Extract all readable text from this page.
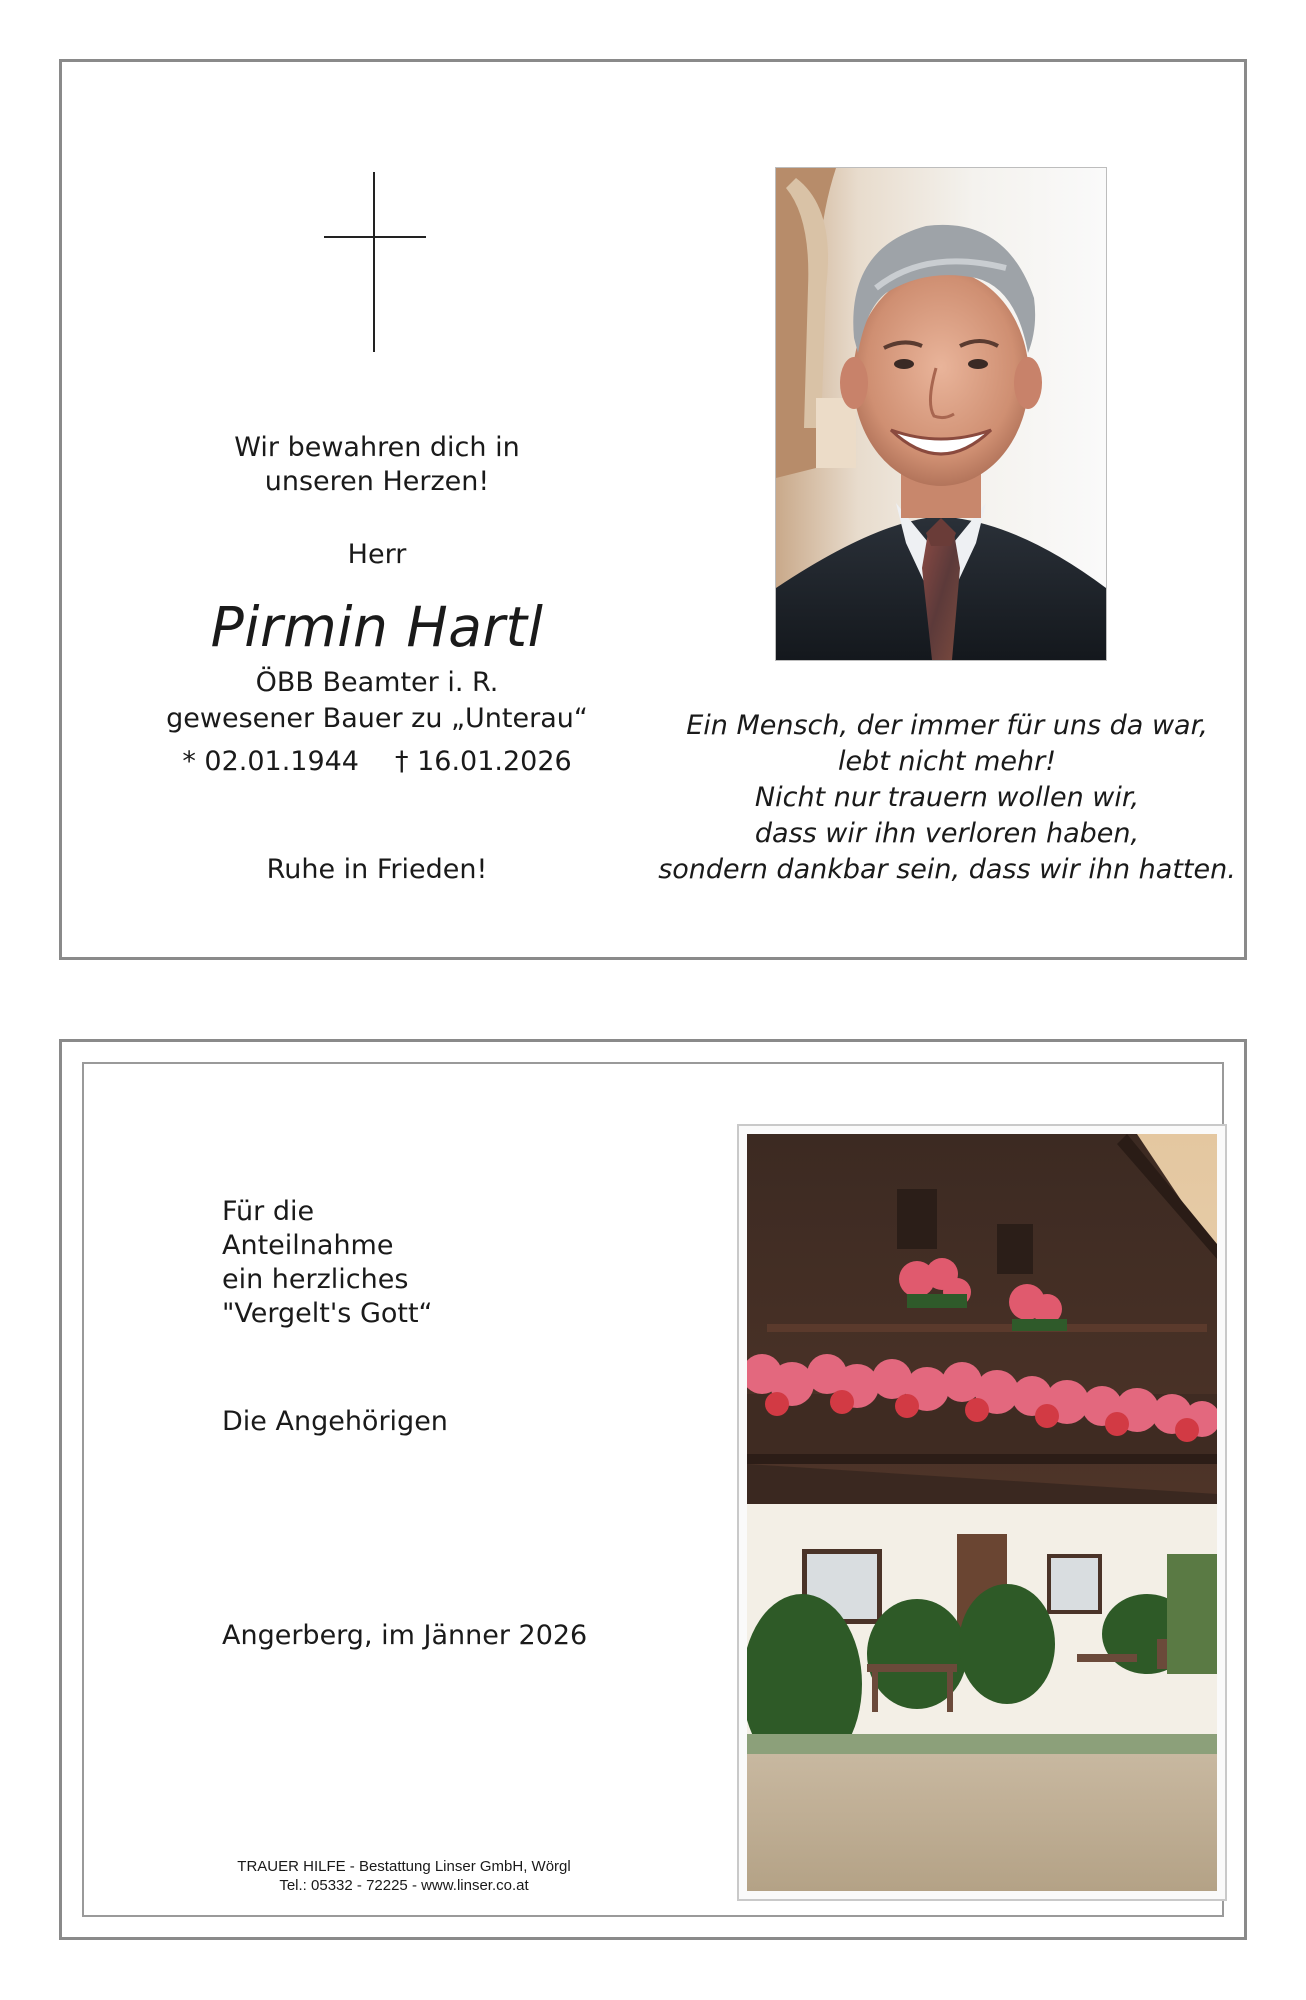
Wir bewahren dich in
unseren Herzen!
Herr
Pirmin Hartl
ÖBB Beamter i. R.
gewesener Bauer zu „Unterau“
* 02.01.1944 † 16.01.2026
Ruhe in Frieden!
Ein Mensch, der immer für uns da war,
lebt nicht mehr!
Nicht nur trauern wollen wir,
dass wir ihn verloren haben,
sondern dankbar sein, dass wir ihn hatten.
Für die
Anteilnahme
ein herzliches
"Vergelt's Gott“
Die Angehörigen
Angerberg, im Jänner 2026
TRAUER HILFE - Bestattung Linser GmbH, Wörgl
Tel.: 05332 - 72225 - www.linser.co.at
